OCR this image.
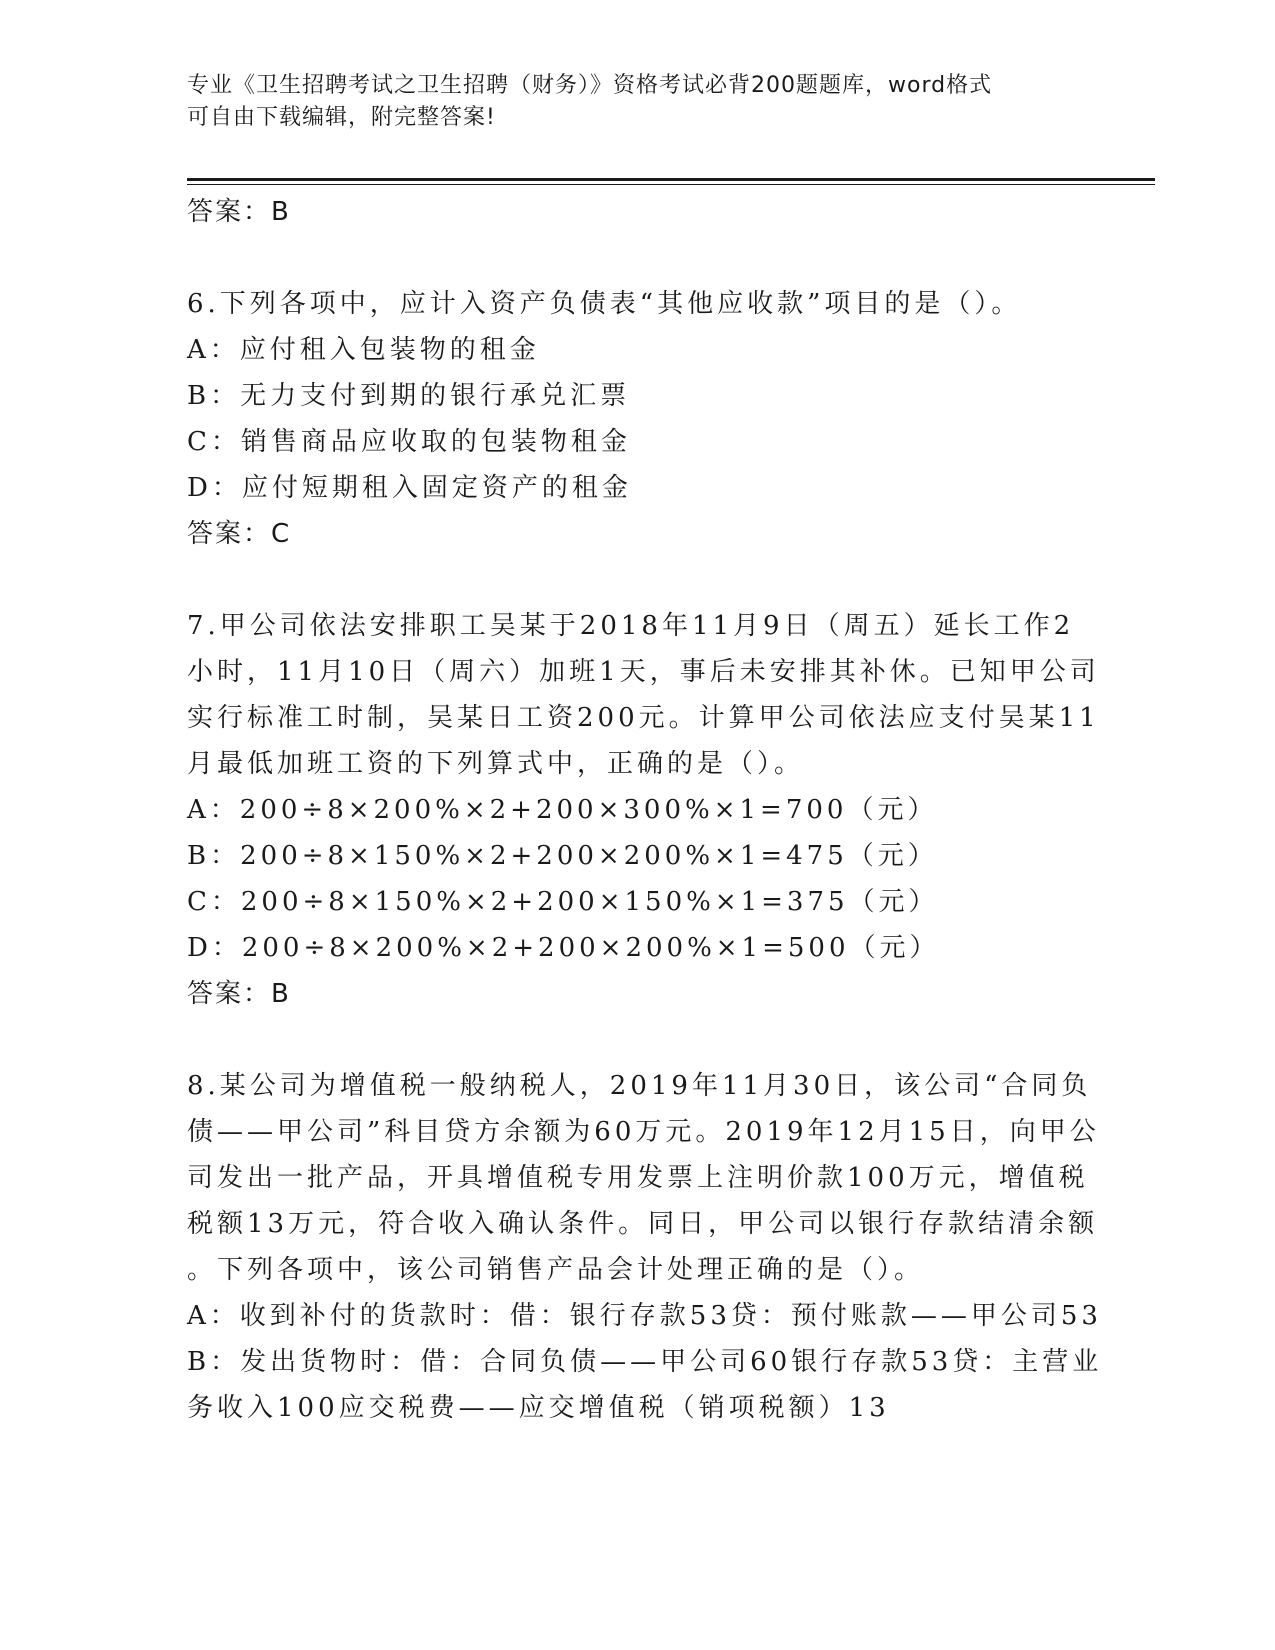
专业《卫生招聘考试之卫生招聘（财务）》资格考试必背200题题库，word格式
可自由下载编辑，附完整答案!
答案：B
6.下列各项中，应计入资产负债表“其他应收款”项目的是（）。
A：应付租入包装物的租金
B：无力支付到期的银行承兑汇票
C：销售商品应收取的包装物租金
D：应付短期租入固定资产的租金
答案：C
7.甲公司依法安排职工吴某于2018年11月9日（周五）延长工作2
小时，11月10日（周六）加班1天，事后未安排其补休。已知甲公司
实行标准工时制，吴某日工资200元。计算甲公司依法应支付吴某11
月最低加班工资的下列算式中，正确的是（）。
A：200÷8×200%×2+200×300%×1=700（元）
B：200÷8×150%×2+200×200%×1=475（元）
C：200÷8×150%×2+200×150%×1=375（元）
D：200÷8×200%×2+200×200%×1=500（元）
答案：B
8.某公司为增值税一般纳税人，2019年11月30日，该公司“合同负
债——甲公司”科目贷方余额为60万元。2019年12月15日，向甲公
司发出一批产品，开具增值税专用发票上注明价款100万元，增值税
税额13万元，符合收入确认条件。同日，甲公司以银行存款结清余额
。下列各项中，该公司销售产品会计处理正确的是（）。
A：收到补付的货款时：借：银行存款53贷：预付账款——甲公司53
B：发出货物时：借：合同负债——甲公司60银行存款53贷：主营业
务收入100应交税费——应交增值税（销项税额）13
